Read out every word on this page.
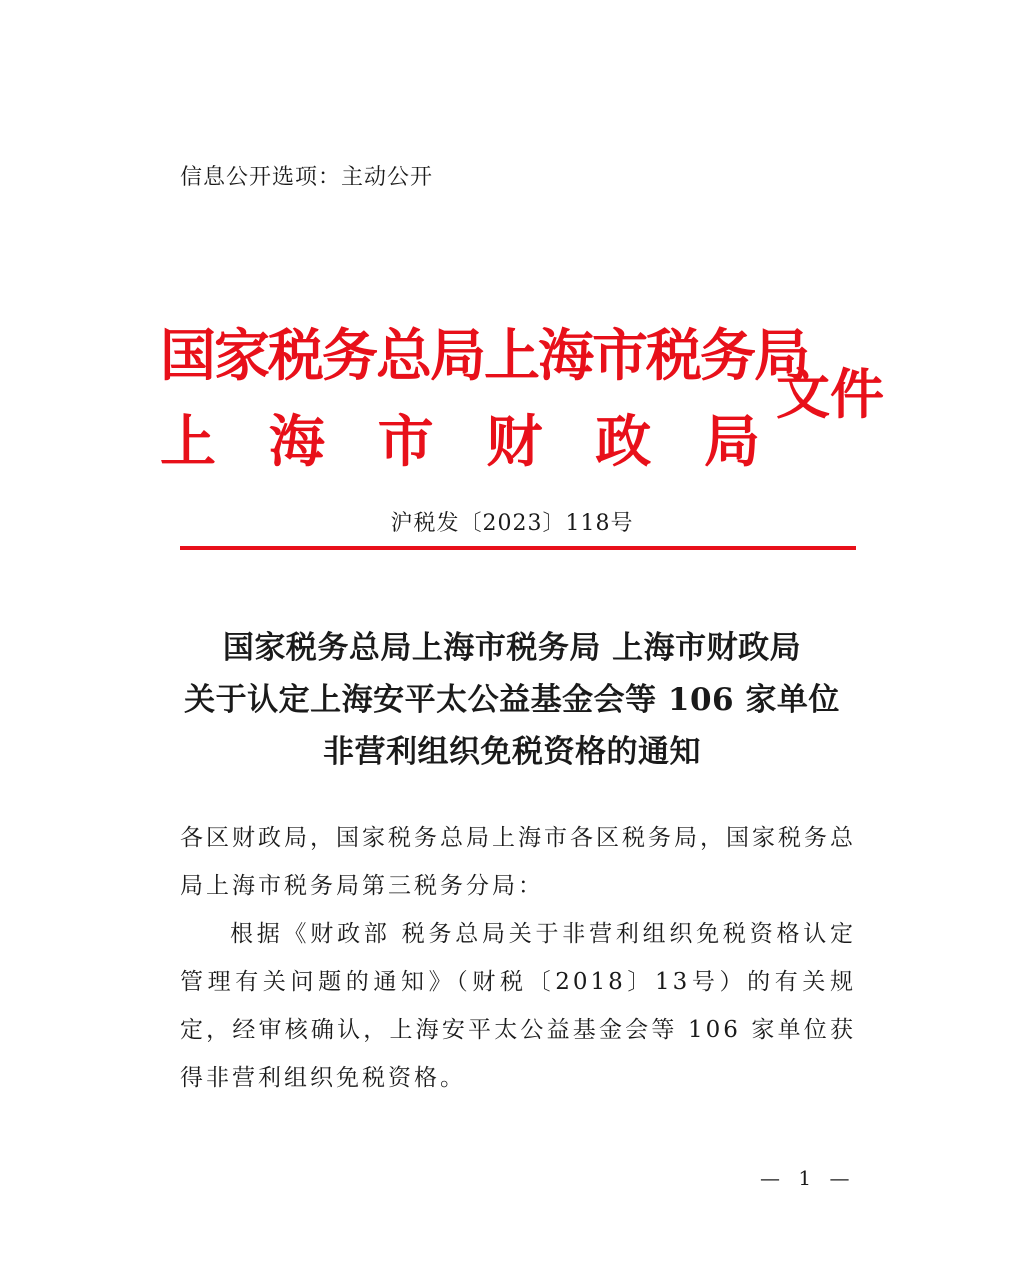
信息公开选项：主动公开
国家税务总局上海市税务局
上 海 市 财 政 局
文件
沪税发〔2023〕118号
国家税务总局上海市税务局 上海市财政局
关于认定上海安平太公益基金会等 106 家单位
非营利组织免税资格的通知

各区财政局，国家税务总局上海市各区税务局，国家税务总局上海市税务局第三税务分局：

根据《财政部 税务总局关于非营利组织免税资格认定管理有关问题的通知》（财税〔2018〕13号）的有关规定，经审核确认，上海安平太公益基金会等 106 家单位获得非营利组织免税资格。

— 1 —
